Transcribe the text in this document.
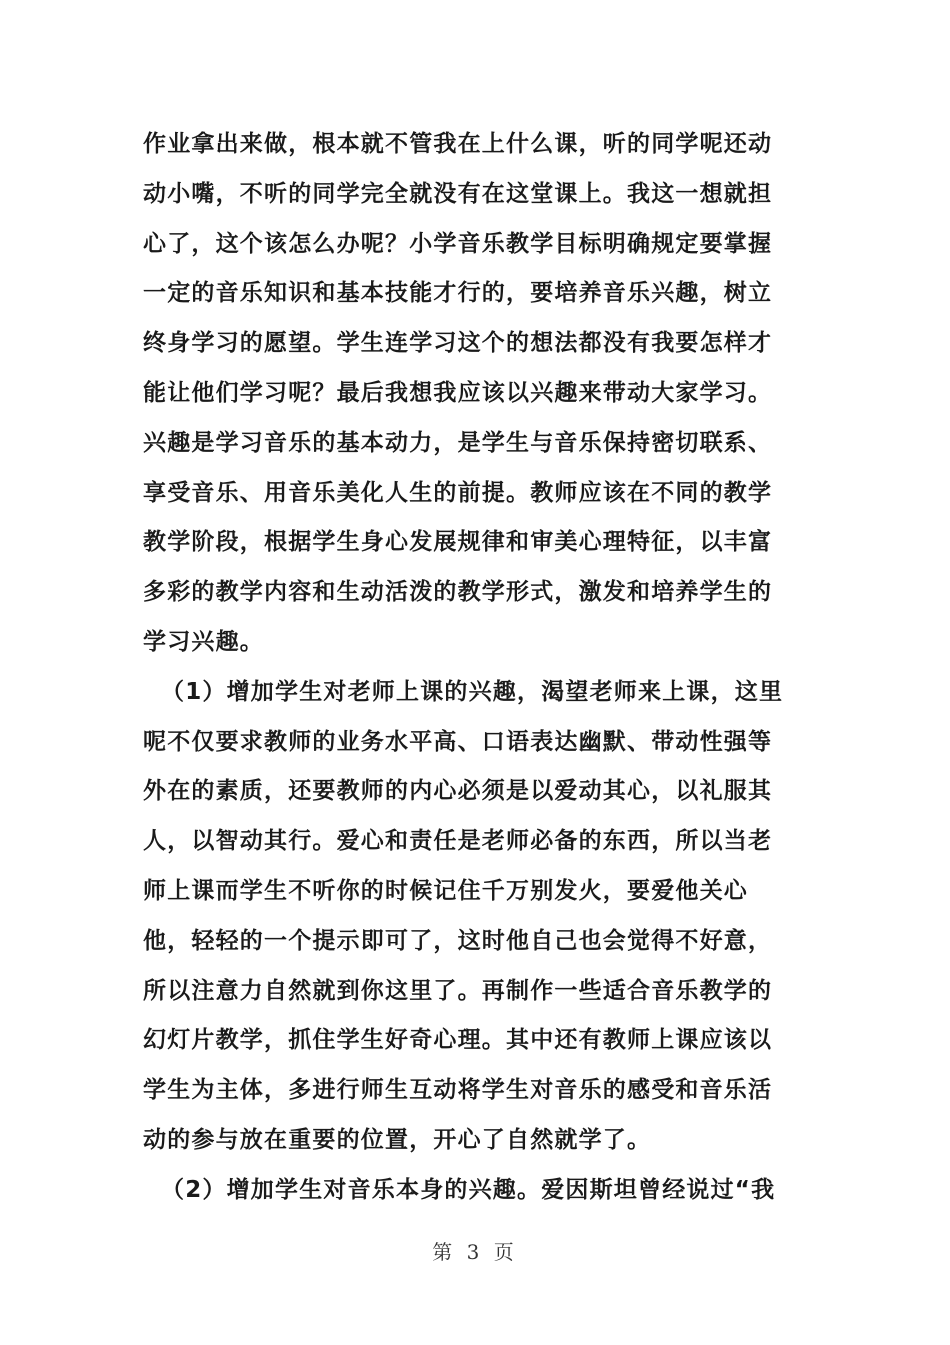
作业拿出来做，根本就不管我在上什么课，听的同学呢还动
动小嘴，不听的同学完全就没有在这堂课上。我这一想就担
心了，这个该怎么办呢？小学音乐教学目标明确规定要掌握
一定的音乐知识和基本技能才行的，要培养音乐兴趣，树立
终身学习的愿望。学生连学习这个的想法都没有我要怎样才
能让他们学习呢？最后我想我应该以兴趣来带动大家学习。
兴趣是学习音乐的基本动力，是学生与音乐保持密切联系、
享受音乐、用音乐美化人生的前提。教师应该在不同的教学
教学阶段，根据学生身心发展规律和审美心理特征，以丰富
多彩的教学内容和生动活泼的教学形式，激发和培养学生的
学习兴趣。
（1）增加学生对老师上课的兴趣，渴望老师来上课，这里
呢不仅要求教师的业务水平高、口语表达幽默、带动性强等
外在的素质，还要教师的内心必须是以爱动其心，以礼服其
人，以智动其行。爱心和责任是老师必备的东西，所以当老
师上课而学生不听你的时候记住千万别发火，要爱他关心
他，轻轻的一个提示即可了，这时他自己也会觉得不好意，
所以注意力自然就到你这里了。再制作一些适合音乐教学的
幻灯片教学，抓住学生好奇心理。其中还有教师上课应该以
学生为主体，多进行师生互动将学生对音乐的感受和音乐活
动的参与放在重要的位置，开心了自然就学了。
（2）增加学生对音乐本身的兴趣。爱因斯坦曾经说过“我
第 3 页
